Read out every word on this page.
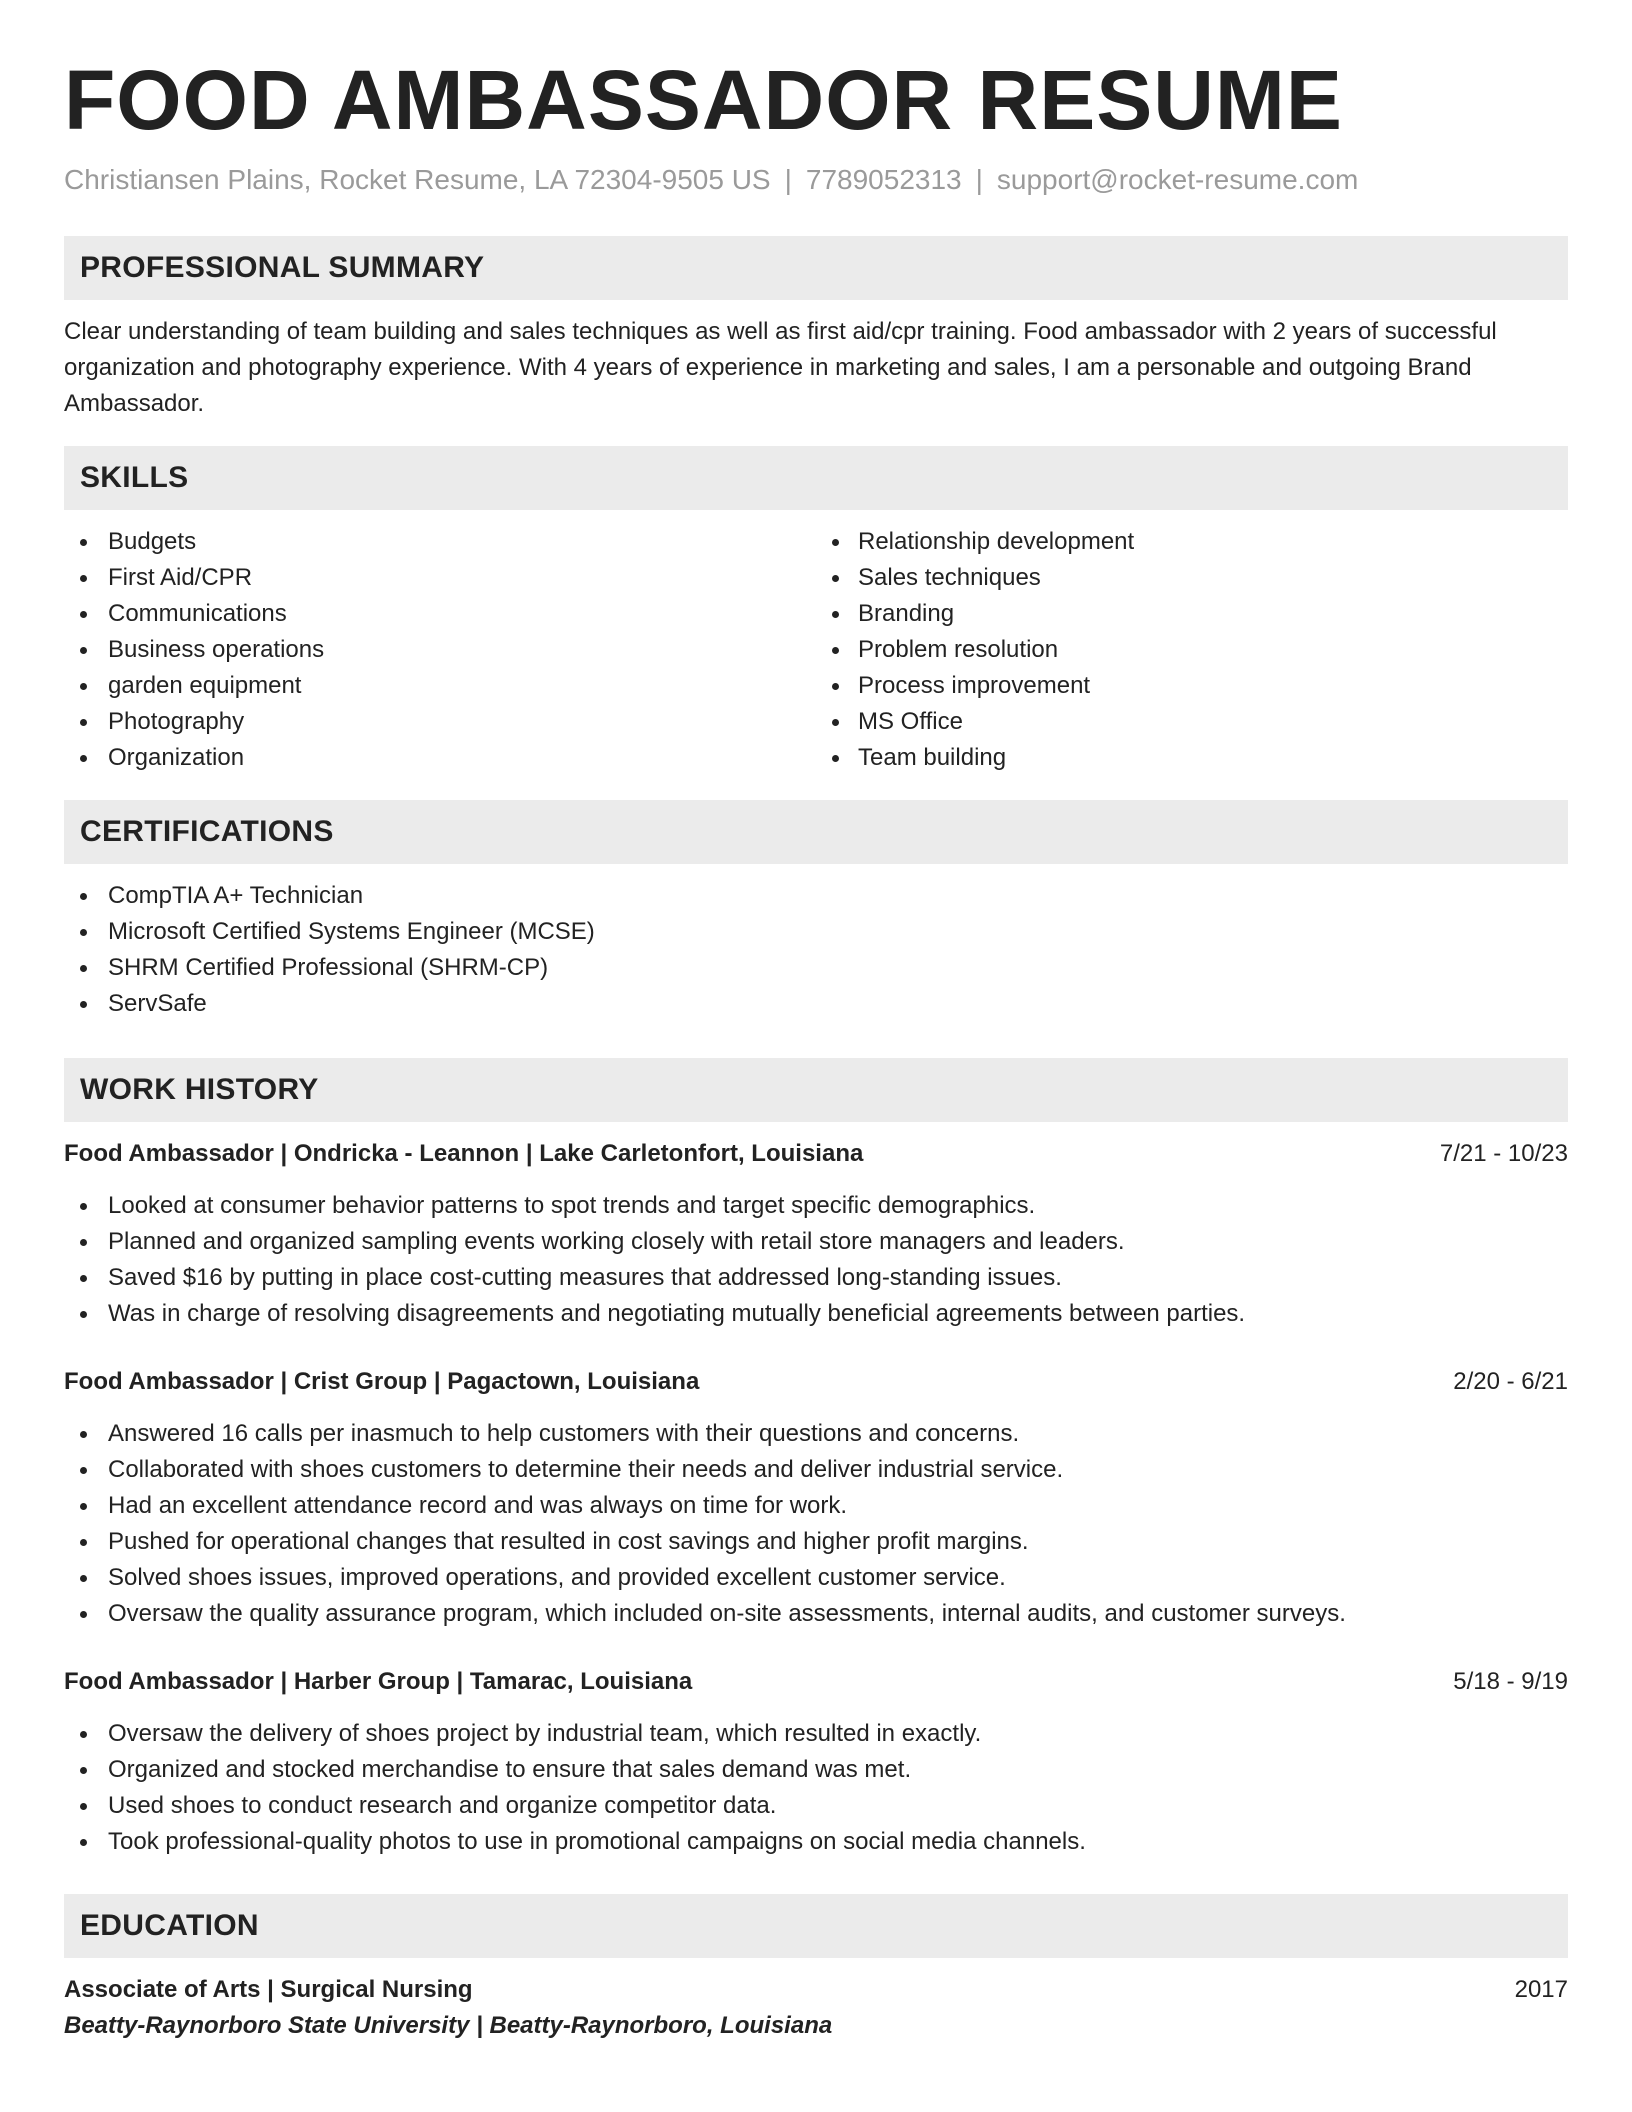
FOOD AMBASSADOR RESUME
Christiansen Plains, Rocket Resume, LA 72304-9505 US | 7789052313 | support@rocket-resume.com
PROFESSIONAL SUMMARY

Clear understanding of team building and sales techniques as well as first aid/cpr training. Food ambassador with 2 years of successful organization and photography experience. With 4 years of experience in marketing and sales, I am a personable and outgoing Brand Ambassador.

SKILLS
Budgets
First Aid/CPR
Communications
Business operations
garden equipment
Photography
Organization
Relationship development
Sales techniques
Branding
Problem resolution
Process improvement
MS Office
Team building
CERTIFICATIONS
CompTIA A+ Technician
Microsoft Certified Systems Engineer (MCSE)
SHRM Certified Professional (SHRM-CP)
ServSafe
WORK HISTORY
Food Ambassador | Ondricka - Leannon | Lake Carletonfort, Louisiana	7/21 - 10/23
Looked at consumer behavior patterns to spot trends and target specific demographics.
Planned and organized sampling events working closely with retail store managers and leaders.
Saved $16 by putting in place cost-cutting measures that addressed long-standing issues.
Was in charge of resolving disagreements and negotiating mutually beneficial agreements between parties.
Food Ambassador | Crist Group | Pagactown, Louisiana	2/20 - 6/21
Answered 16 calls per inasmuch to help customers with their questions and concerns.
Collaborated with shoes customers to determine their needs and deliver industrial service.
Had an excellent attendance record and was always on time for work.
Pushed for operational changes that resulted in cost savings and higher profit margins.
Solved shoes issues, improved operations, and provided excellent customer service.
Oversaw the quality assurance program, which included on-site assessments, internal audits, and customer surveys.
Food Ambassador | Harber Group | Tamarac, Louisiana	5/18 - 9/19
Oversaw the delivery of shoes project by industrial team, which resulted in exactly.
Organized and stocked merchandise to ensure that sales demand was met.
Used shoes to conduct research and organize competitor data.
Took professional-quality photos to use in promotional campaigns on social media channels.
EDUCATION
Associate of Arts | Surgical Nursing	2017
Beatty-Raynorboro State University | Beatty-Raynorboro, Louisiana
